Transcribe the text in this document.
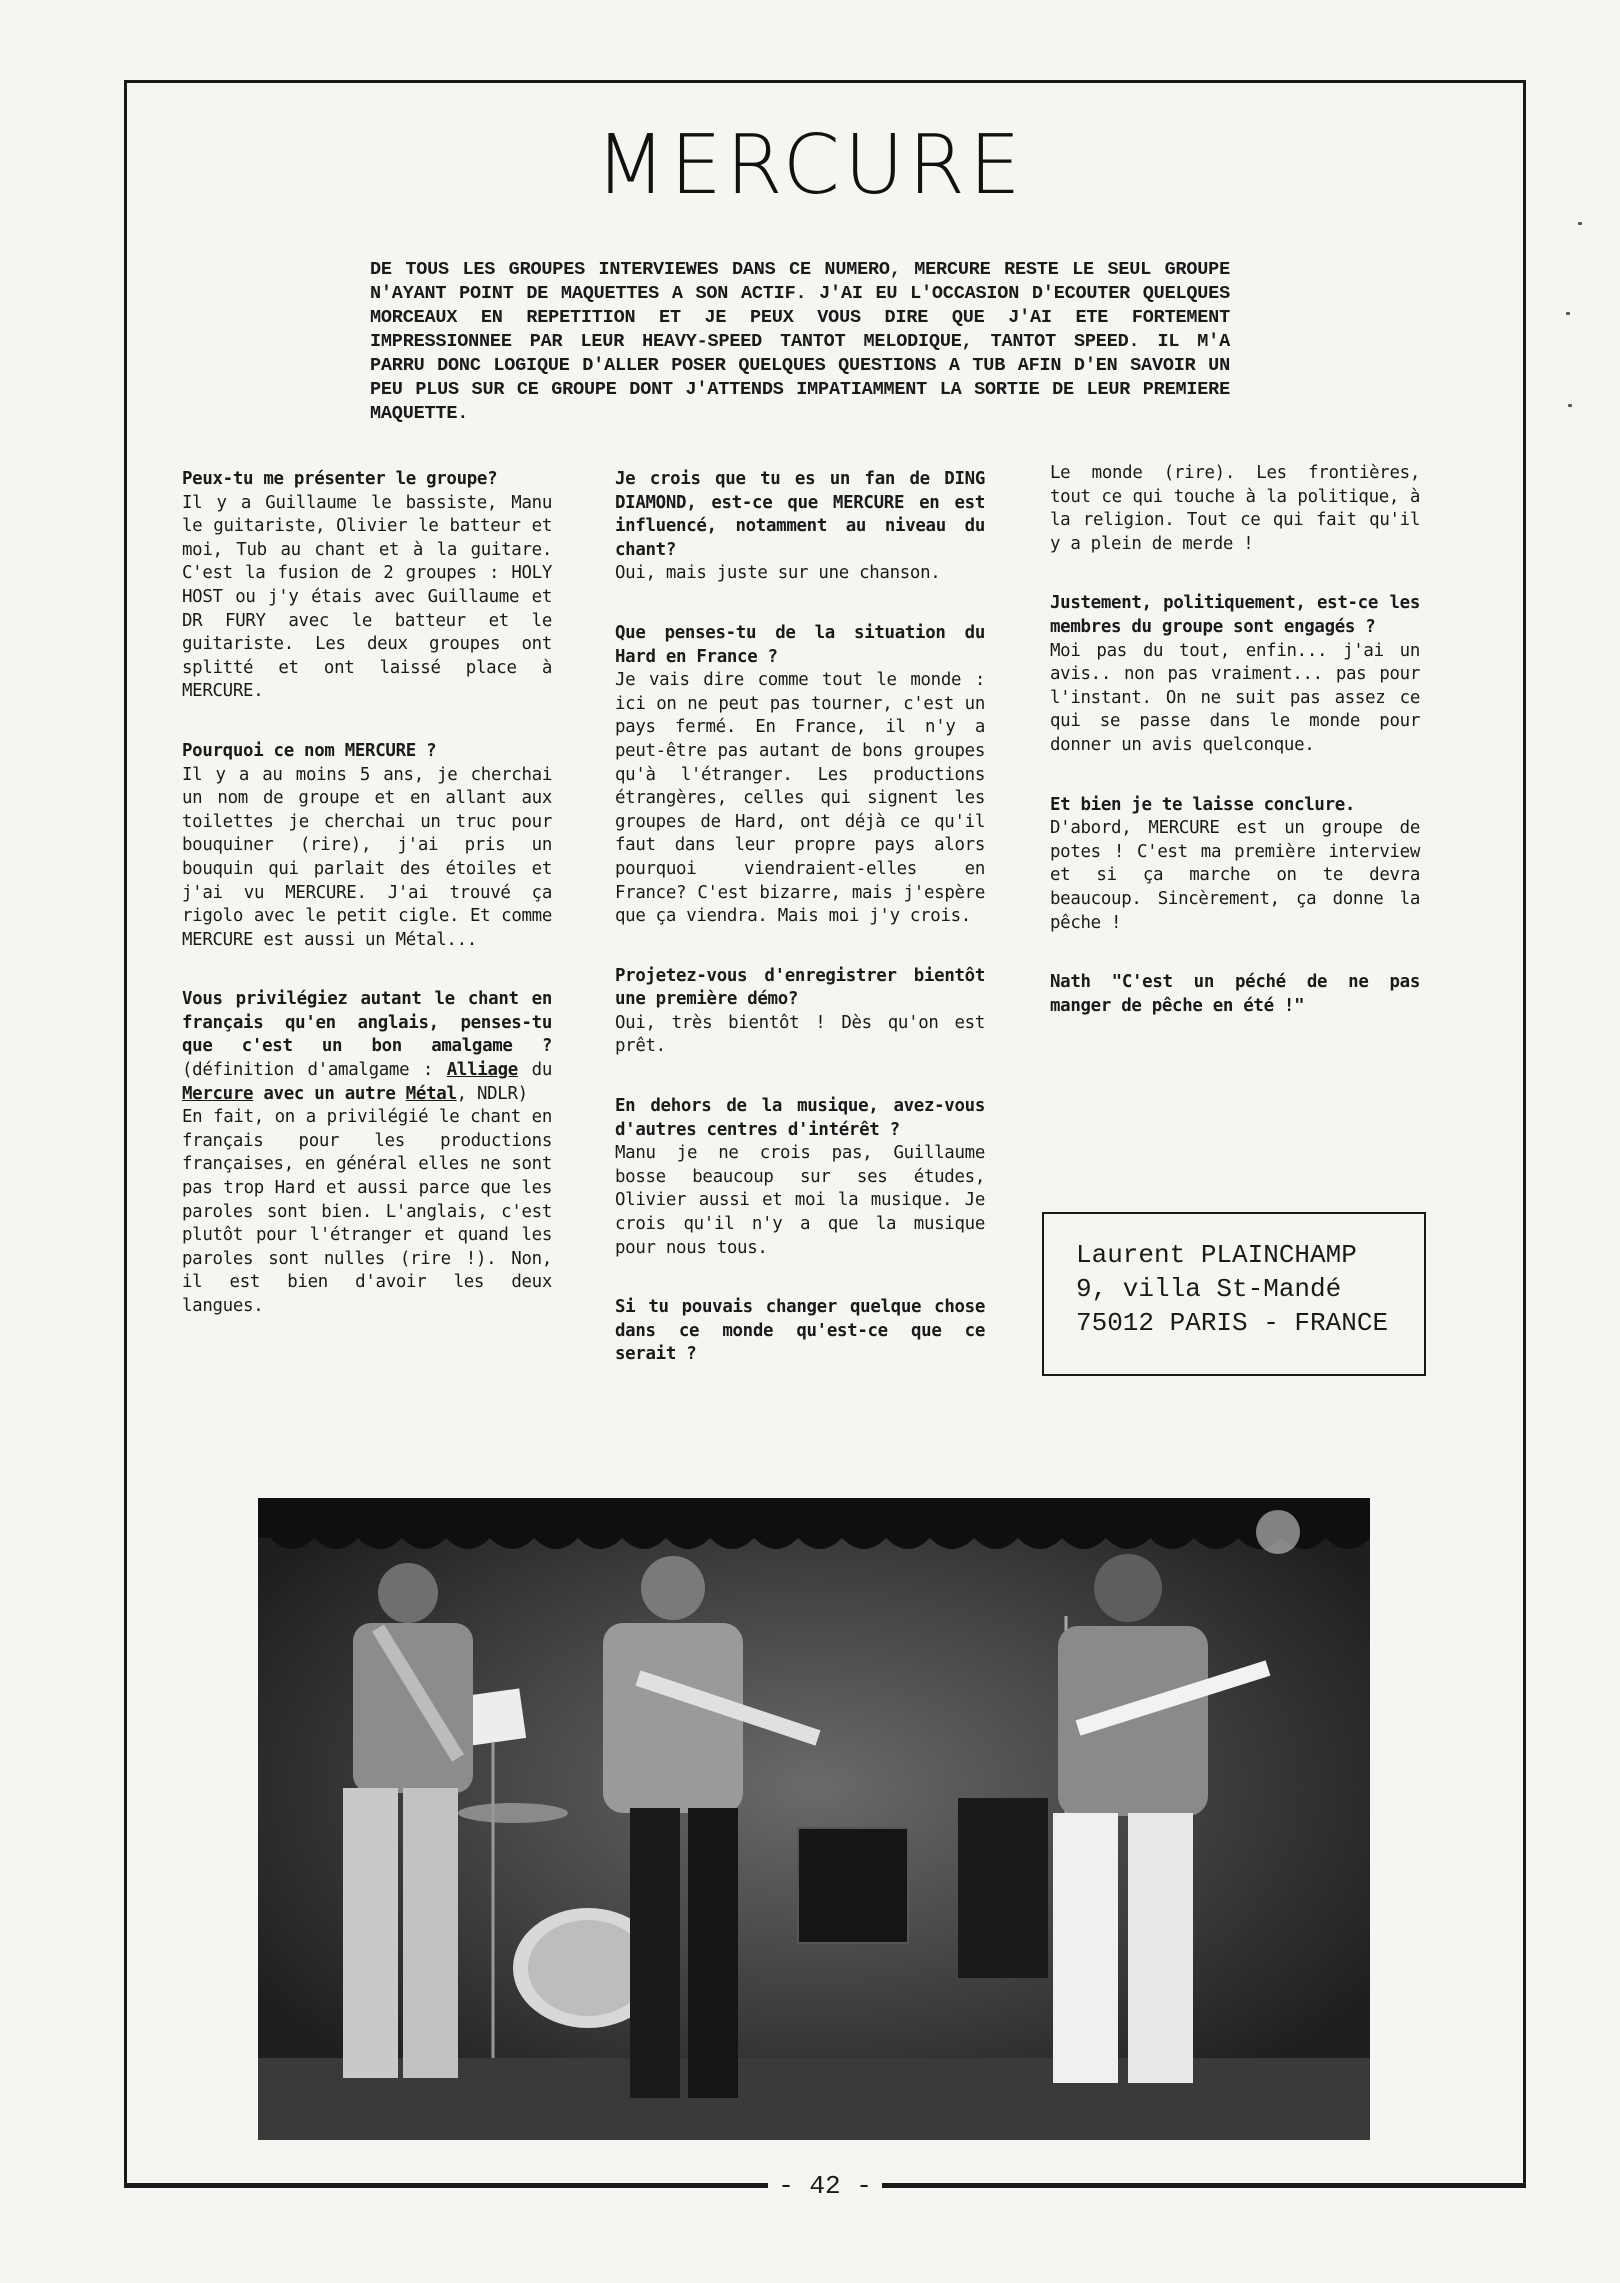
MERCURE

DE TOUS LES GROUPES INTERVIEWES DANS CE NUMERO, MERCURE RESTE LE SEUL GROUPE N'AYANT POINT DE MAQUETTES A SON ACTIF. J'AI EU L'OCCASION D'ECOUTER QUELQUES MORCEAUX EN REPETITION ET JE PEUX VOUS DIRE QUE J'AI ETE FORTEMENT IMPRESSIONNEE PAR LEUR HEAVY-SPEED TANTOT MELODIQUE, TANTOT SPEED. IL M'A PARRU DONC LOGIQUE D'ALLER POSER QUELQUES QUESTIONS A TUB AFIN D'EN SAVOIR UN PEU PLUS SUR CE GROUPE DONT J'ATTENDS IMPATIAMMENT LA SORTIE DE LEUR PREMIERE MAQUETTE.

Peux-tu me présenter le groupe?

Il y a Guillaume le bassiste, Manu le guitariste, Olivier le batteur et moi, Tub au chant et à la guitare. C'est la fusion de 2 groupes : HOLY HOST ou j'y étais avec Guillaume et DR FURY avec le batteur et le guitariste. Les deux groupes ont splitté et ont laissé place à MERCURE.

Pourquoi ce nom MERCURE ?

Il y a au moins 5 ans, je cherchai un nom de groupe et en allant aux toilettes je cherchai un truc pour bouquiner (rire), j'ai pris un bouquin qui parlait des étoiles et j'ai vu MERCURE. J'ai trouvé ça rigolo avec le petit cigle. Et comme MERCURE est aussi un Métal...

Vous privilégiez autant le chant en français qu'en anglais, penses-tu que c'est un bon amalgame ? (définition d'amalgame : Alliage du Mercure avec un autre Métal, NDLR)

En fait, on a privilégié le chant en français pour les productions françaises, en général elles ne sont pas trop Hard et aussi parce que les paroles sont bien. L'anglais, c'est plutôt pour l'étranger et quand les paroles sont nulles (rire !). Non, il est bien d'avoir les deux langues.

Je crois que tu es un fan de DING DIAMOND, est-ce que MERCURE en est influencé, notamment au niveau du chant?

Oui, mais juste sur une chanson.

Que penses-tu de la situation du Hard en France ?

Je vais dire comme tout le monde : ici on ne peut pas tourner, c'est un pays fermé. En France, il n'y a peut-être pas autant de bons groupes qu'à l'étranger. Les productions étrangères, celles qui signent les groupes de Hard, ont déjà ce qu'il faut dans leur propre pays alors pourquoi viendraient-elles en France? C'est bizarre, mais j'espère que ça viendra. Mais moi j'y crois.

Projetez-vous d'enregistrer bientôt une première démo?

Oui, très bientôt ! Dès qu'on est prêt.

En dehors de la musique, avez-vous d'autres centres d'intérêt ?

Manu je ne crois pas, Guillaume bosse beaucoup sur ses études, Olivier aussi et moi la musique. Je crois qu'il n'y a que la musique pour nous tous.

Si tu pouvais changer quelque chose dans ce monde qu'est-ce que ce serait ?

Le monde (rire). Les frontières, tout ce qui touche à la politique, à la religion. Tout ce qui fait qu'il y a plein de merde !

Justement, politiquement, est-ce les membres du groupe sont engagés ?

Moi pas du tout, enfin... j'ai un avis.. non pas vraiment... pas pour l'instant. On ne suit pas assez ce qui se passe dans le monde pour donner un avis quelconque.

Et bien je te laisse conclure.

D'abord, MERCURE est un groupe de potes ! C'est ma première interview et si ça marche on te devra beaucoup. Sincèrement, ça donne la pêche !

Nath "C'est un péché de ne pas manger de pêche en été !"

Laurent PLAINCHAMP
9, villa St-Mandé
75012 PARIS - FRANCE
- 42 -
